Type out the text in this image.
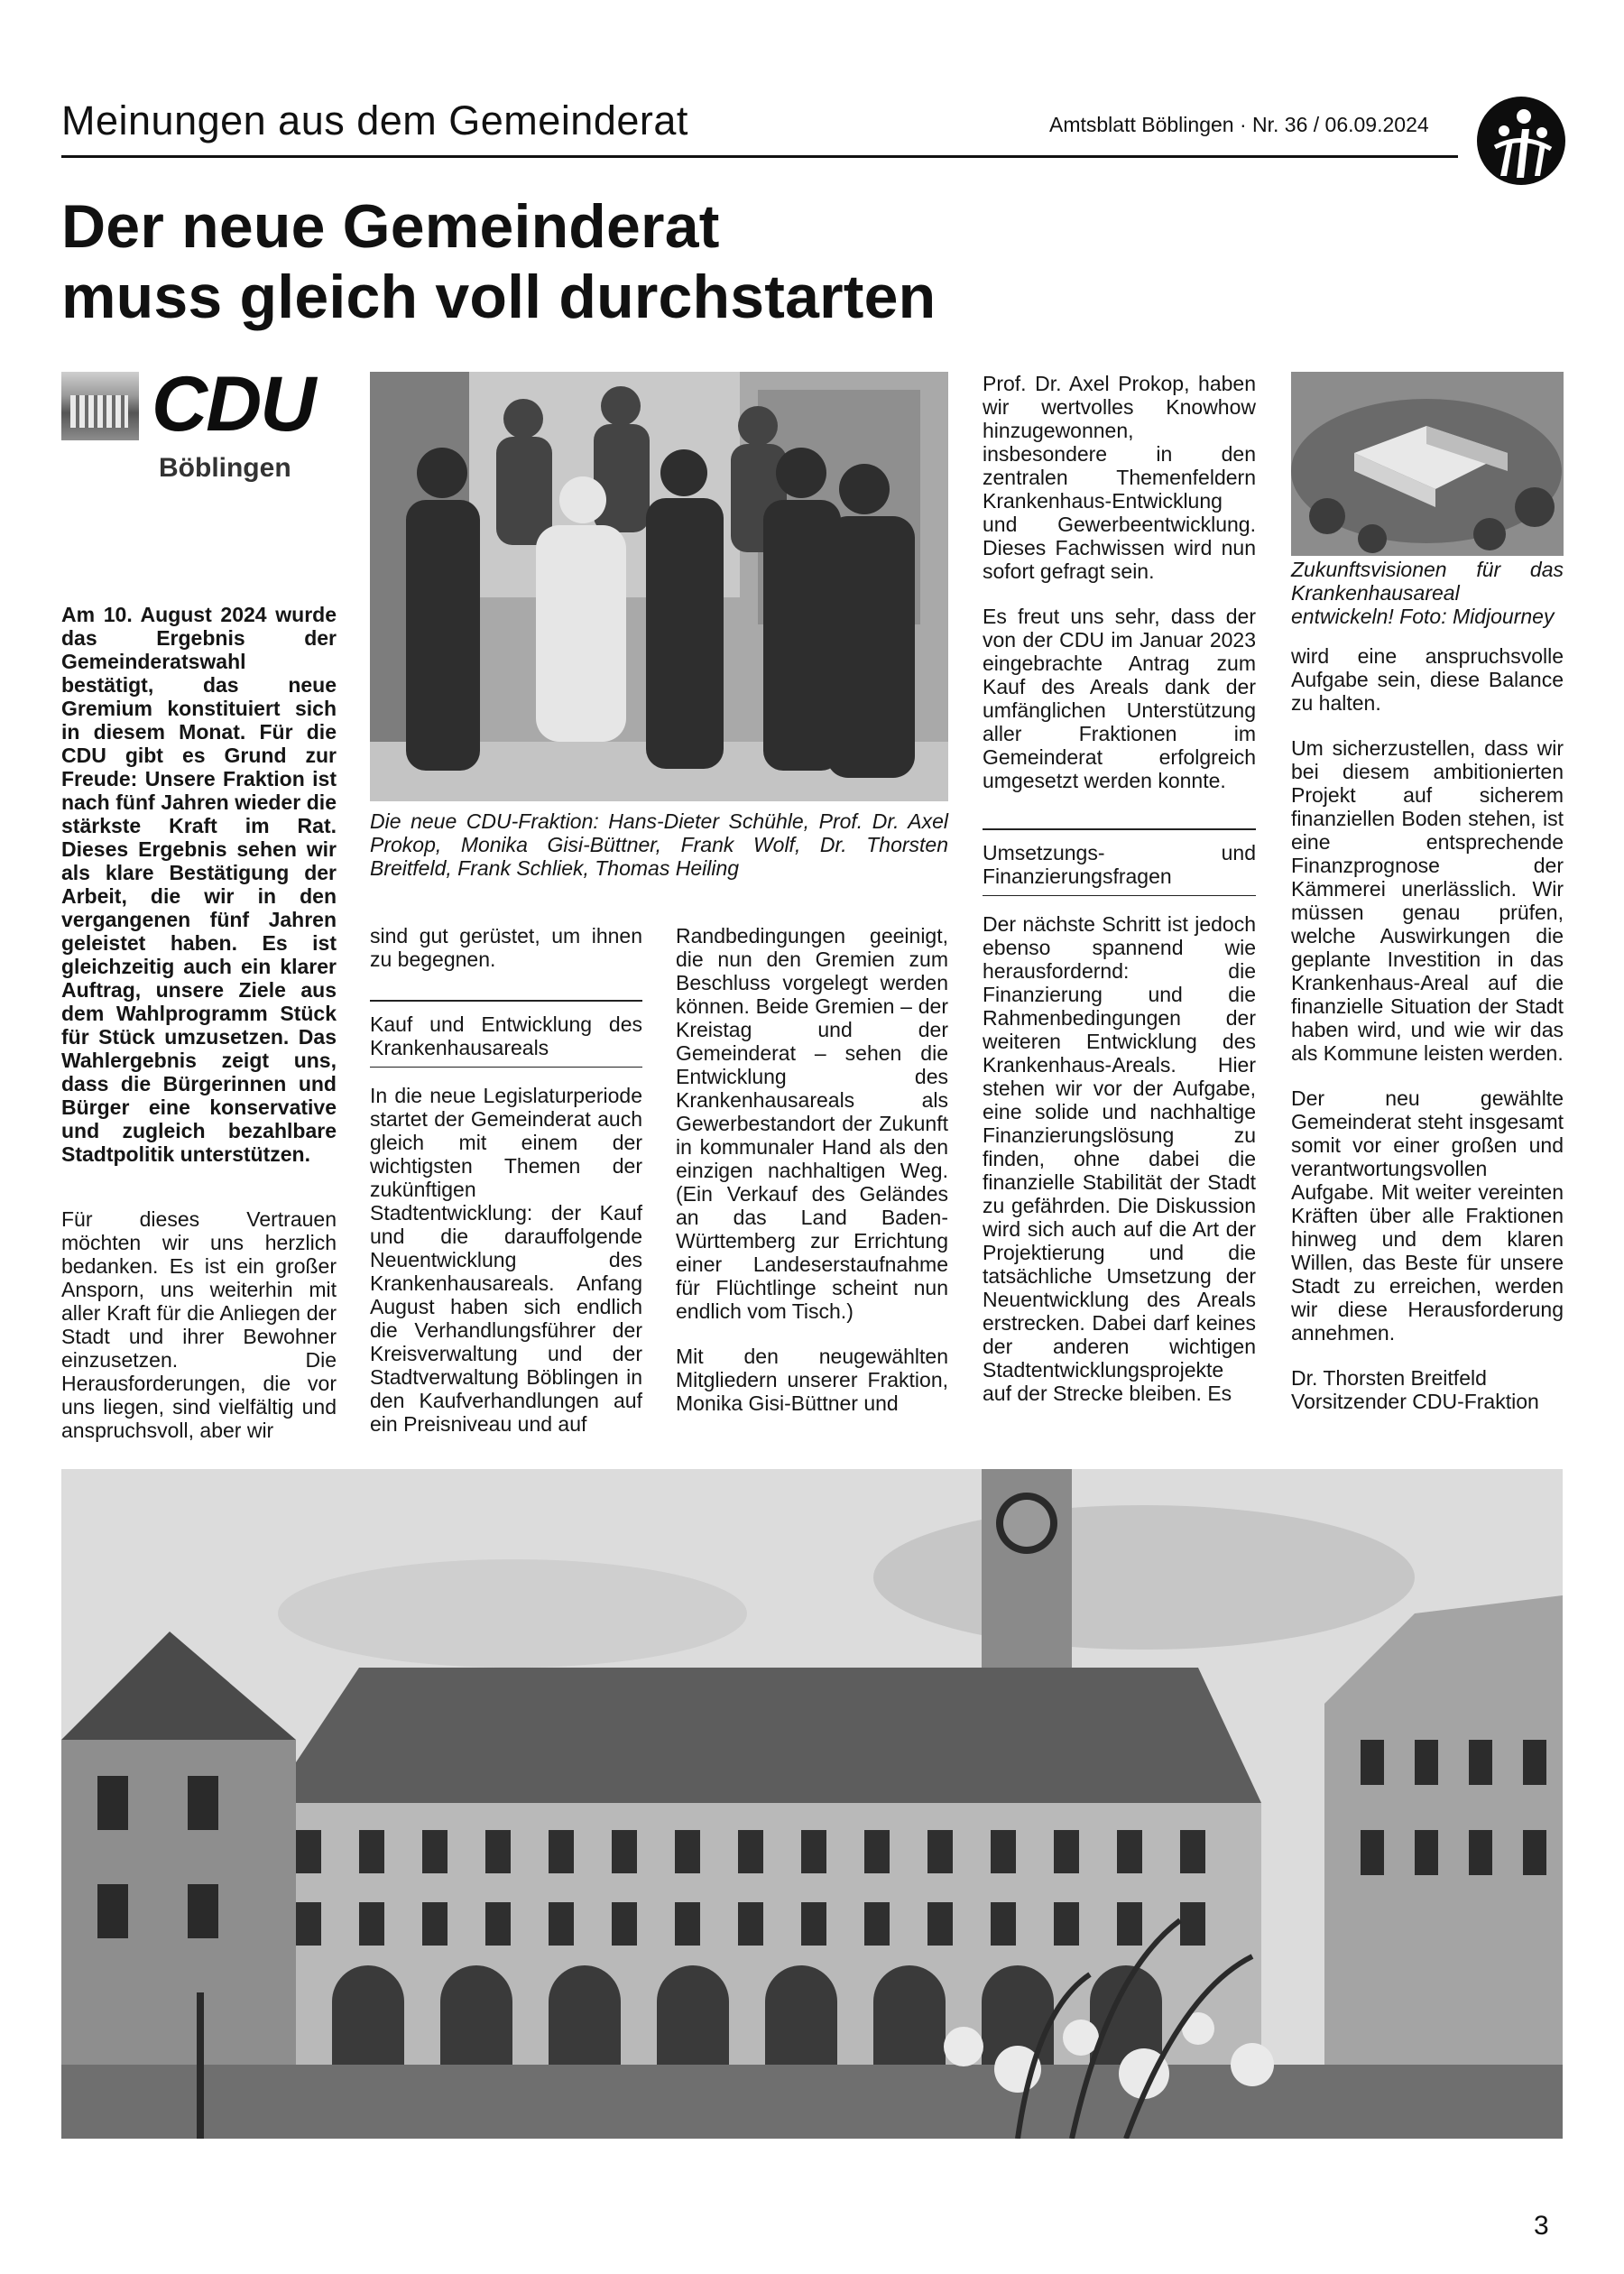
Meinungen aus dem Gemeinderat	Amtsblatt Böblingen · Nr. 36 / 06.09.2024
Der neue Gemeinderat
muss gleich voll durchstarten
CDU
Böblingen

Am 10. August 2024 wurde das Ergebnis der Gemeinderatswahl bestätigt, das neue Gremium konstituiert sich in diesem Monat. Für die CDU gibt es Grund zur Freude: Unsere Fraktion ist nach fünf Jahren wieder die stärkste Kraft im Rat. Dieses Ergebnis sehen wir als klare Bestätigung der Arbeit, die wir in den vergangenen fünf Jahren geleistet haben. Es ist gleichzeitig auch ein klarer Auftrag, unsere Ziele aus dem Wahlprogramm Stück für Stück umzusetzen. Das Wahlergebnis zeigt uns, dass die Bürgerinnen und Bürger eine konservative und zugleich bezahlbare Stadtpolitik unterstützen.

Für dieses Vertrauen möchten wir uns herzlich bedanken. Es ist ein großer Ansporn, uns weiterhin mit aller Kraft für die Anliegen der Stadt und ihrer Bewohner einzusetzen. Die Herausforderungen, die vor uns liegen, sind vielfältig und anspruchsvoll, aber wir

Die neue CDU-Fraktion: Hans-Dieter Schühle, Prof. Dr. Axel Prokop, Monika Gisi-Büttner, Frank Wolf, Dr. Thorsten Breitfeld, Frank Schliek, Thomas Heiling

sind gut gerüstet, um ihnen zu begegnen.

Kauf und Entwicklung des Krankenhausareals

In die neue Legislaturperiode startet der Gemeinderat auch gleich mit einem der wichtigsten Themen der zukünftigen Stadtentwicklung: der Kauf und die darauffolgende Neuentwicklung des Krankenhausareals. Anfang August haben sich endlich die Verhandlungsführer der Kreisverwaltung und der Stadtverwaltung Böblingen in den Kaufverhandlungen auf ein Preisniveau und auf

Randbedingungen geeinigt, die nun den Gremien zum Beschluss vorgelegt werden können. Beide Gremien – der Kreistag und der Gemeinderat – sehen die Entwicklung des Krankenhausareals als Gewerbestandort der Zukunft in kommunaler Hand als den einzigen nachhaltigen Weg. (Ein Verkauf des Geländes an das Land Baden- Württemberg zur Errichtung einer Landeserstaufnahme für Flüchtlinge scheint nun endlich vom Tisch.)

Mit den neugewählten Mitgliedern unserer Fraktion, Monika Gisi-Büttner und

Prof. Dr. Axel Prokop, haben wir wertvolles Knowhow hinzugewonnen, insbesondere in den zentralen Themenfeldern Krankenhaus-Entwicklung und Gewerbeentwicklung. Dieses Fachwissen wird nun sofort gefragt sein.

Es freut uns sehr, dass der von der CDU im Januar 2023 eingebrachte Antrag zum Kauf des Areals dank der umfänglichen Unterstützung aller Fraktionen im Gemeinderat erfolgreich umgesetzt werden konnte.

Umsetzungs- und Finanzierungsfragen

Der nächste Schritt ist jedoch ebenso spannend wie herausfordernd: die Finanzierung und die Rahmenbedingungen der weiteren Entwicklung des Krankenhaus-Areals. Hier stehen wir vor der Aufgabe, eine solide und nachhaltige Finanzierungslösung zu finden, ohne dabei die finanzielle Stabilität der Stadt zu gefährden. Die Diskussion wird sich auch auf die Art der Projektierung und die tatsächliche Umsetzung der Neuentwicklung des Areals erstrecken. Dabei darf keines der anderen wichtigen Stadtentwicklungsprojekte auf der Strecke bleiben. Es

Zukunftsvisionen für das Krankenhausareal entwickeln! Foto: Midjourney

wird eine anspruchsvolle Aufgabe sein, diese Balance zu halten.

Um sicherzustellen, dass wir bei diesem ambitionierten Projekt auf sicherem finanziellen Boden stehen, ist eine entsprechende Finanzprognose der Kämmerei unerlässlich. Wir müssen genau prüfen, welche Auswirkungen die geplante Investition in das Krankenhaus-Areal auf die finanzielle Situation der Stadt haben wird, und wie wir das als Kommune leisten werden.

Der neu gewählte Gemeinderat steht insgesamt somit vor einer großen und verantwortungsvollen Aufgabe. Mit weiter vereinten Kräften über alle Fraktionen hinweg und dem klaren Willen, das Beste für unsere Stadt zu erreichen, werden wir diese Herausforderung annehmen.

Dr. Thorsten Breitfeld
Vorsitzender CDU-Fraktion
3
